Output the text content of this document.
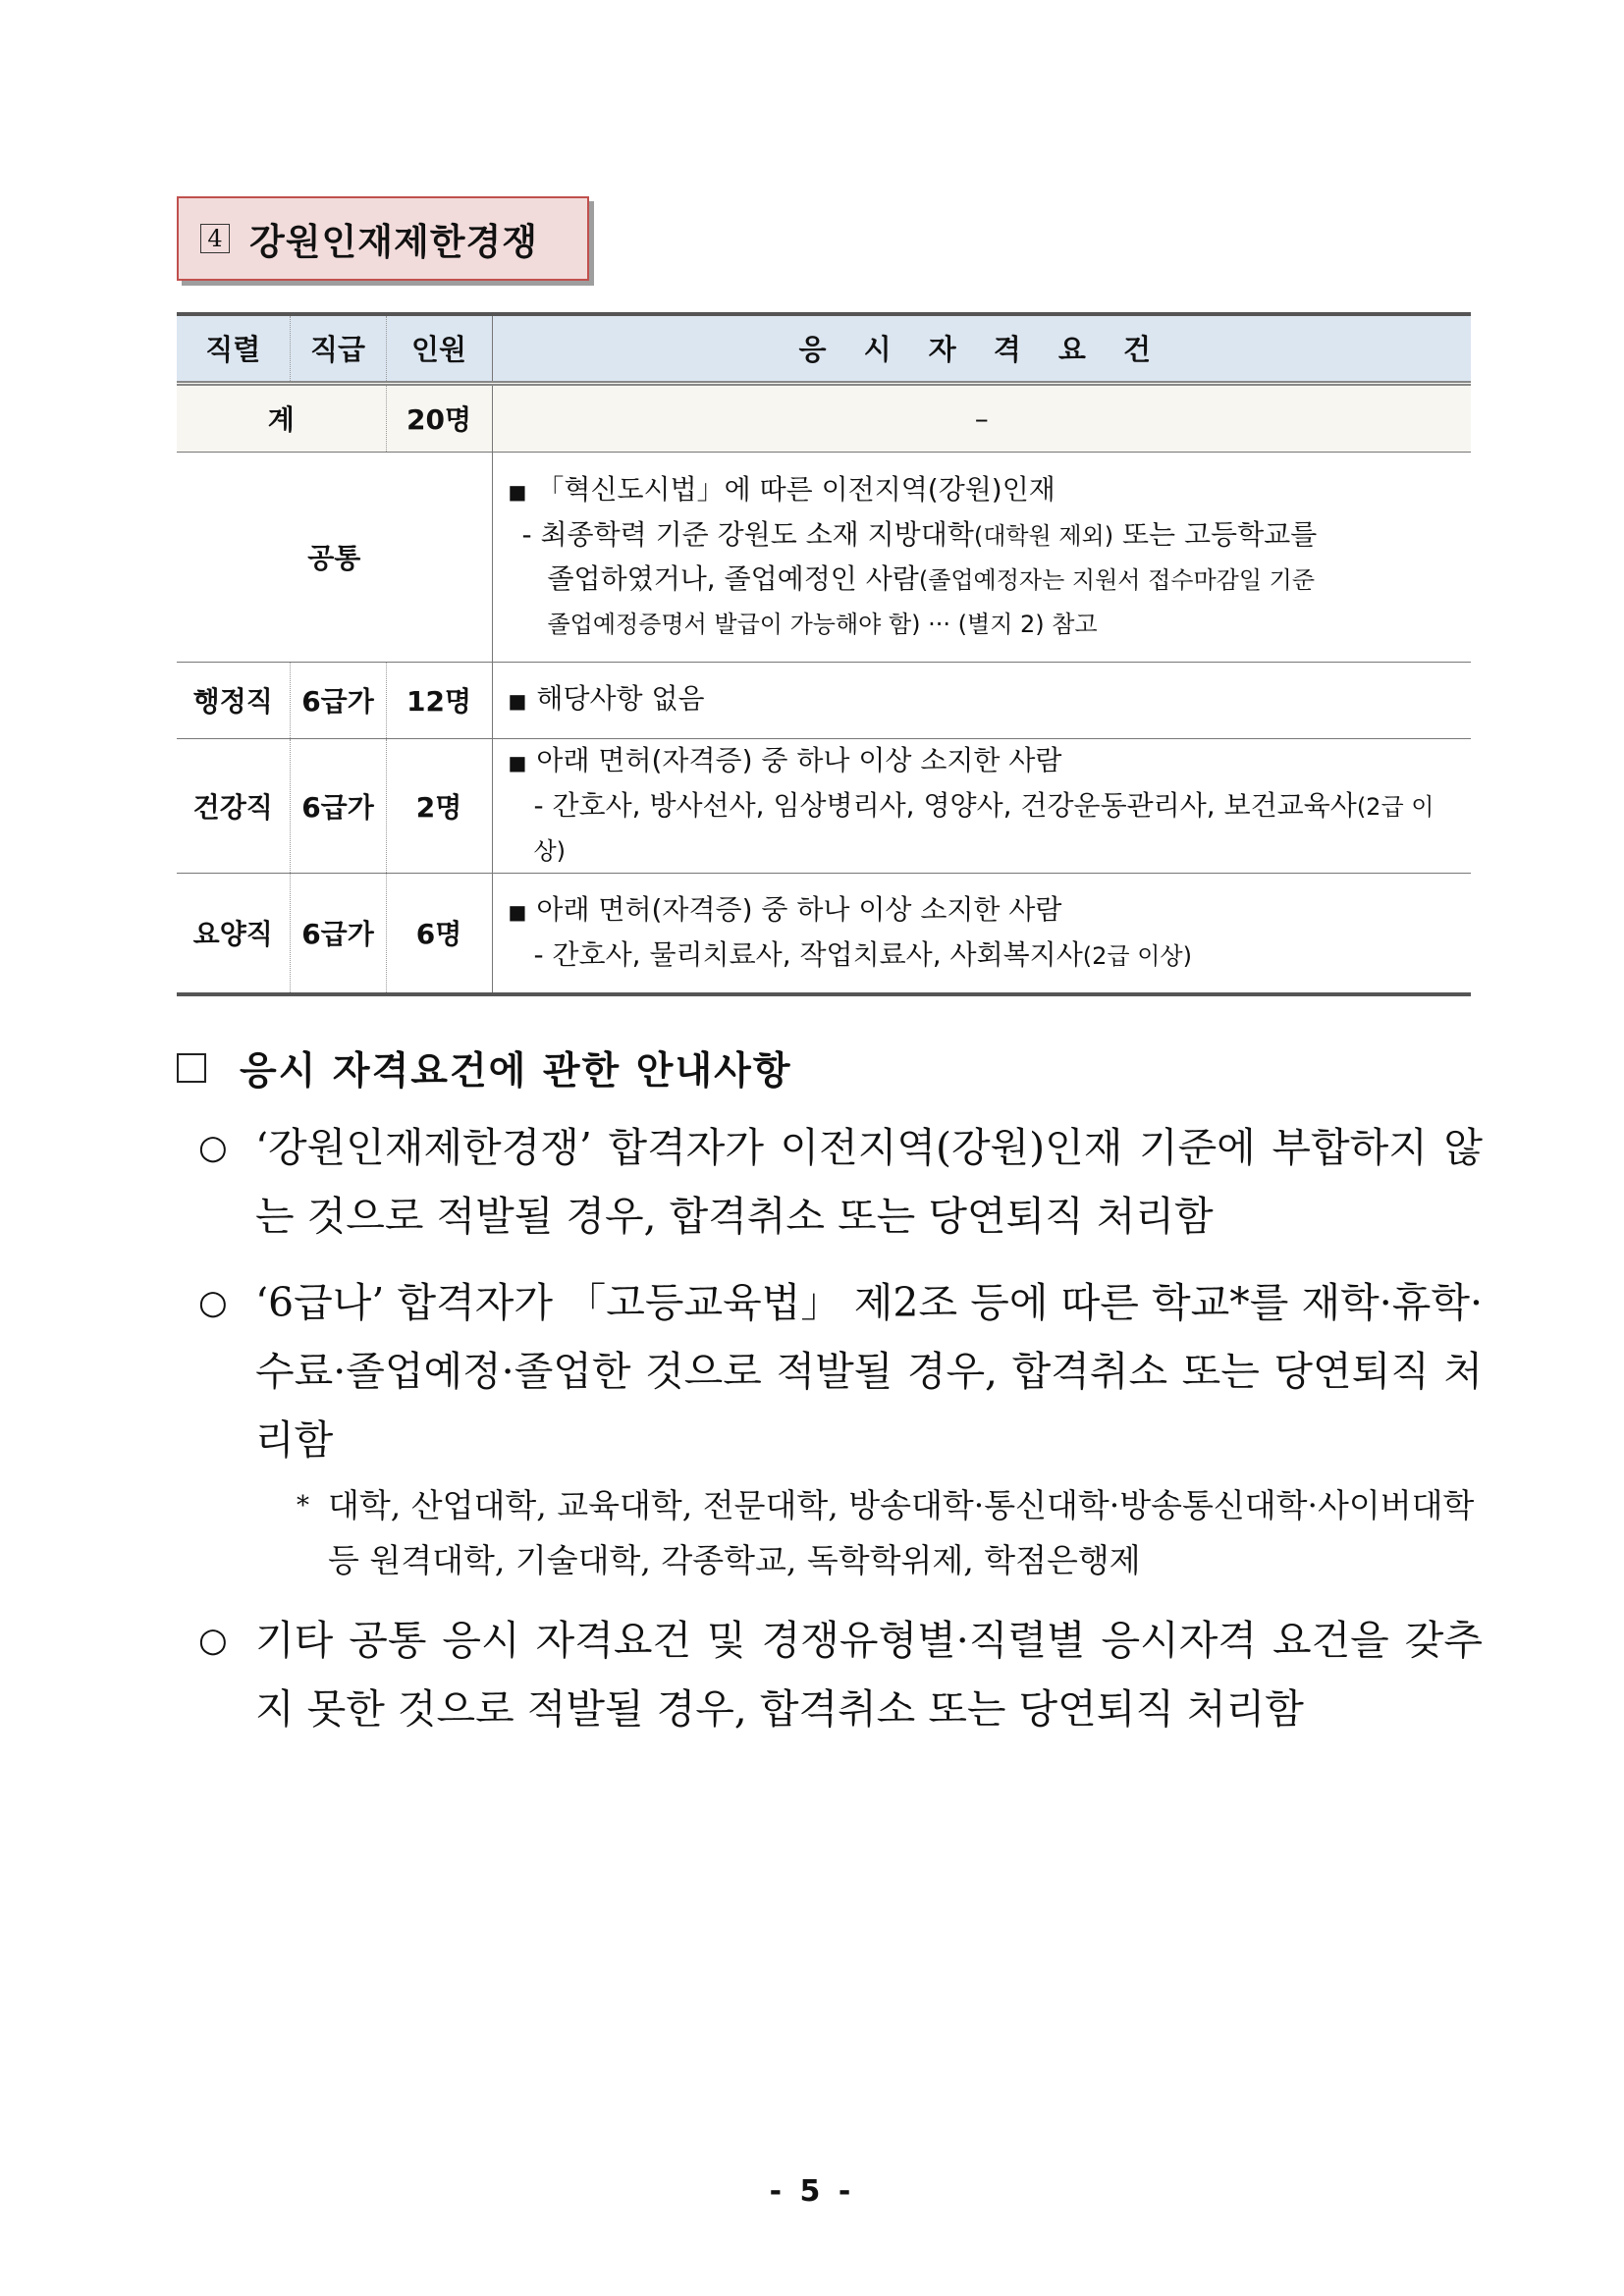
4 강원인재제한경쟁
직렬	직급	인원	응 시 자 격 요 건
계		20명	–
공통			■ 「혁신도시법」에 따른 이전지역(강원)인재
- 최종학력 기준 강원도 소재 지방대학(대학원 제외) 또는 고등학교를
졸업하였거나, 졸업예정인 사람(졸업예정자는 지원서 접수마감일 기준
졸업예정증명서 발급이 가능해야 함) ··· (별지 2) 참고

행정직	6급가	12명	■ 해당사항 없음

건강직	6급가	2명	■ 아래 면허(자격증) 중 하나 이상 소지한 사람
- 간호사, 방사선사, 임상병리사, 영양사, 건강운동관리사, 보건교육사(2급 이상)

요양직	6급가	6명	■ 아래 면허(자격증) 중 하나 이상 소지한 사람
- 간호사, 물리치료사, 작업치료사, 사회복지사(2급 이상)
응시 자격요건에 관한 안내사항
○ ‘강원인재제한경쟁’ 합격자가 이전지역(강원)인재 기준에 부합하지 않는 것으로 적발될 경우, 합격취소 또는 당연퇴직 처리함
○ ‘6급나’ 합격자가 「고등교육법」 제2조 등에 따른 학교*를 재학·휴학·수료·졸업예정·졸업한 것으로 적발될 경우, 합격취소 또는 당연퇴직 처리함
* 대학, 산업대학, 교육대학, 전문대학, 방송대학·통신대학·방송통신대학·사이버대학 등 원격대학, 기술대학, 각종학교, 독학학위제, 학점은행제
○ 기타 공통 응시 자격요건 및 경쟁유형별·직렬별 응시자격 요건을 갖추지 못한 것으로 적발될 경우, 합격취소 또는 당연퇴직 처리함
- 5 -
